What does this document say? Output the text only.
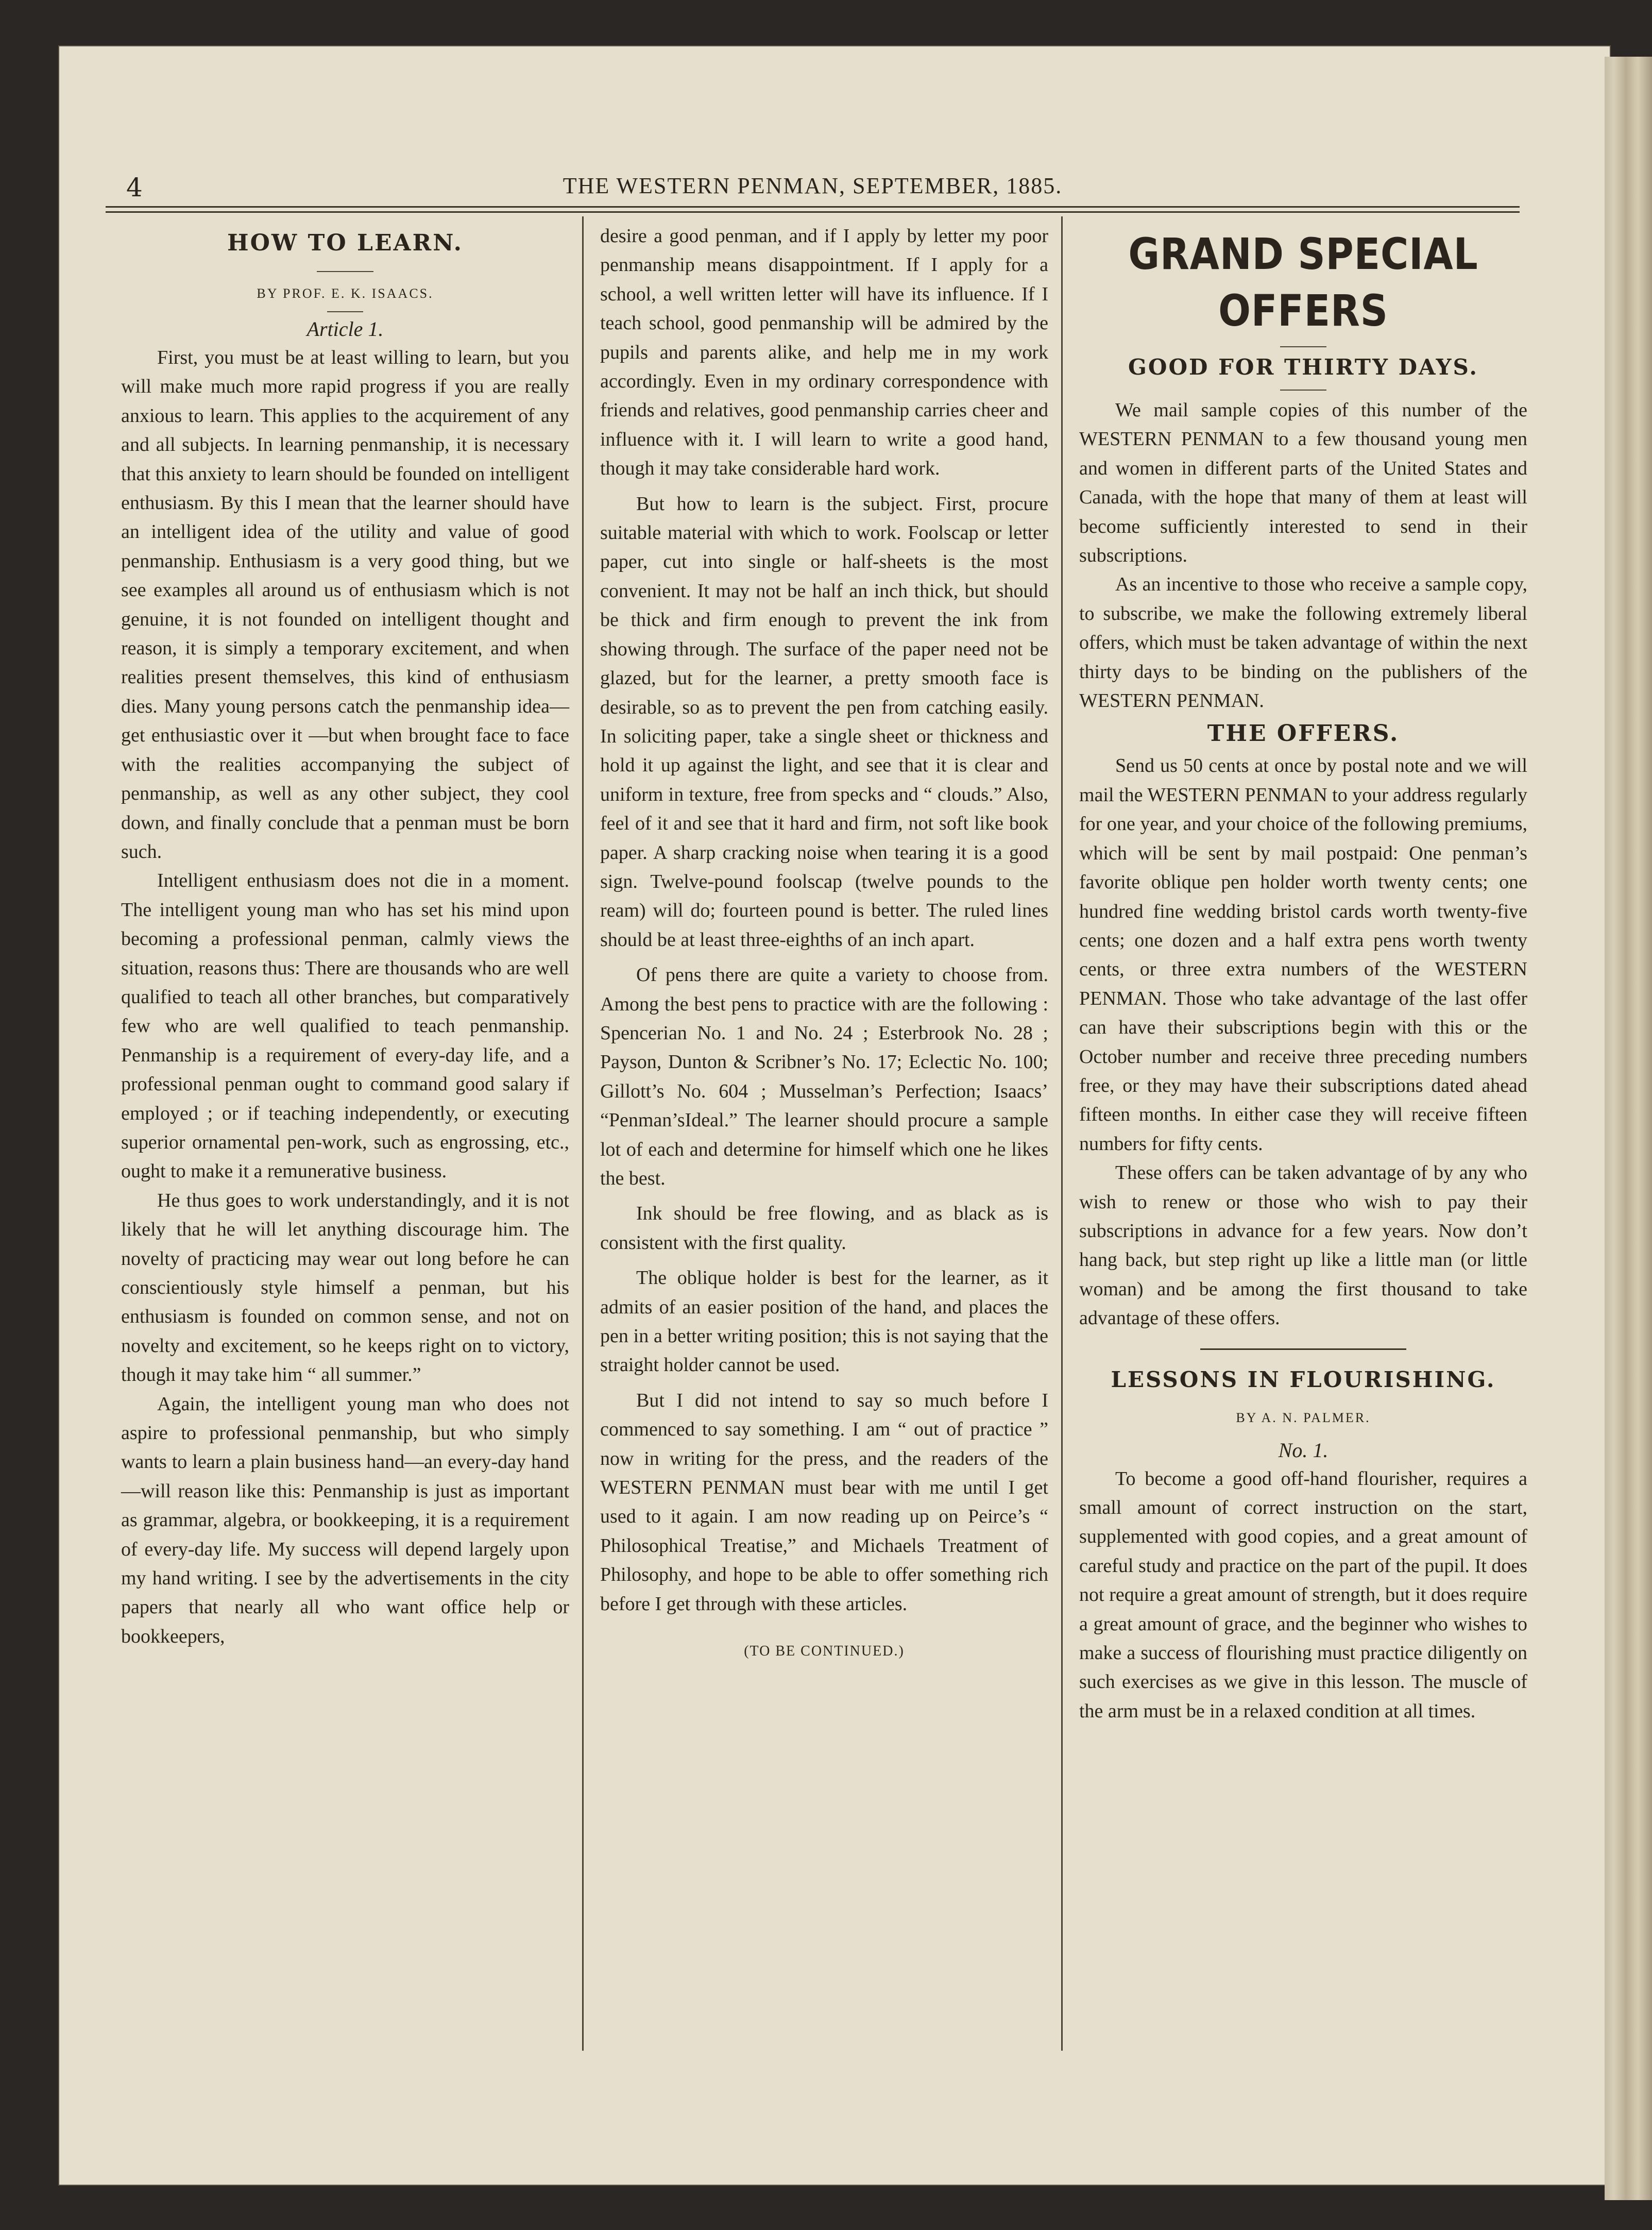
4	THE WESTERN PENMAN, SEPTEMBER, 1885.
HOW TO LEARN.
BY PROF. E. K. ISAACS.
Article 1.

First, you must be at least willing to learn, but you will make much more rapid progress if you are really anxious to learn. This applies to the acquirement of any and all subjects. In learning penmanship, it is necessary that this anxiety to learn should be founded on intelligent enthusiasm. By this I mean that the learner should have an intelligent idea of the utility and value of good penmanship. Enthusiasm is a very good thing, but we see examples all around us of enthusiasm which is not genuine, it is not founded on intelligent thought and reason, it is simply a temporary excitement, and when realities present themselves, this kind of enthusiasm dies. Many young persons catch the penmanship idea—get enthusiastic over it —but when brought face to face with the realities accompanying the subject of penmanship, as well as any other subject, they cool down, and finally conclude that a penman must be born such.

Intelligent enthusiasm does not die in a moment. The intelligent young man who has set his mind upon becoming a professional penman, calmly views the situation, reasons thus: There are thousands who are well qualified to teach all other branches, but comparatively few who are well qualified to teach penmanship. Penmanship is a requirement of every-day life, and a professional penman ought to command good salary if employed ; or if teaching independently, or executing superior ornamental pen-work, such as engrossing, etc., ought to make it a remunerative business.

He thus goes to work understandingly, and it is not likely that he will let anything discourage him. The novelty of practicing may wear out long before he can conscientiously style himself a penman, but his enthusiasm is founded on common sense, and not on novelty and excitement, so he keeps right on to victory, though it may take him “ all summer.”

Again, the intelligent young man who does not aspire to professional penmanship, but who simply wants to learn a plain business hand—an every-day hand—will reason like this: Penmanship is just as important as grammar, algebra, or bookkeeping, it is a requirement of every-day life. My success will depend largely upon my hand writing. I see by the advertisements in the city papers that nearly all who want office help or bookkeepers,

desire a good penman, and if I apply by letter my poor penmanship means disappointment. If I apply for a school, a well written letter will have its influence. If I teach school, good penmanship will be admired by the pupils and parents alike, and help me in my work accordingly. Even in my ordinary correspondence with friends and relatives, good penmanship carries cheer and influence with it. I will learn to write a good hand, though it may take considerable hard work.

But how to learn is the subject. First, procure suitable material with which to work. Foolscap or letter paper, cut into single or half-sheets is the most convenient. It may not be half an inch thick, but should be thick and firm enough to prevent the ink from showing through. The surface of the paper need not be glazed, but for the learner, a pretty smooth face is desirable, so as to prevent the pen from catching easily. In soliciting paper, take a single sheet or thickness and hold it up against the light, and see that it is clear and uniform in texture, free from specks and “ clouds.” Also, feel of it and see that it hard and firm, not soft like book paper. A sharp cracking noise when tearing it is a good sign. Twelve-pound foolscap (twelve pounds to the ream) will do; fourteen pound is better. The ruled lines should be at least three-eighths of an inch apart.

Of pens there are quite a variety to choose from. Among the best pens to practice with are the following : Spencerian No. 1 and No. 24 ; Esterbrook No. 28 ; Payson, Dunton & Scribner’s No. 17; Eclectic No. 100; Gillott’s No. 604 ; Musselman’s Perfection; Isaacs’ “Penman’sIdeal.” The learner should procure a sample lot of each and determine for himself which one he likes the best.

Ink should be free flowing, and as black as is consistent with the first quality.

The oblique holder is best for the learner, as it admits of an easier position of the hand, and places the pen in a better writing position; this is not saying that the straight holder cannot be used.

But I did not intend to say so much before I commenced to say something. I am “ out of practice ” now in writing for the press, and the readers of the WESTERN PENMAN must bear with me until I get used to it again. I am now reading up on Peirce’s “ Philosophical Treatise,” and Michaels Treatment of Philosophy, and hope to be able to offer something rich before I get through with these articles.

(TO BE CONTINUED.)
GRAND SPECIAL OFFERS
GOOD FOR THIRTY DAYS.

We mail sample copies of this number of the WESTERN PENMAN to a few thousand young men and women in different parts of the United States and Canada, with the hope that many of them at least will become sufficiently interested to send in their subscriptions.

As an incentive to those who receive a sample copy, to subscribe, we make the following extremely liberal offers, which must be taken advantage of within the next thirty days to be binding on the publishers of the WESTERN PENMAN.

THE OFFERS.

Send us 50 cents at once by postal note and we will mail the WESTERN PENMAN to your address regularly for one year, and your choice of the following premiums, which will be sent by mail postpaid: One penman’s favorite oblique pen holder worth twenty cents; one hundred fine wedding bristol cards worth twenty-five cents; one dozen and a half extra pens worth twenty cents, or three extra numbers of the WESTERN PENMAN. Those who take advantage of the last offer can have their subscriptions begin with this or the October number and receive three preceding numbers free, or they may have their subscriptions dated ahead fifteen months. In either case they will receive fifteen numbers for fifty cents.

These offers can be taken advantage of by any who wish to renew or those who wish to pay their subscriptions in advance for a few years. Now don’t hang back, but step right up like a little man (or little woman) and be among the first thousand to take advantage of these offers.

LESSONS IN FLOURISHING.
BY A. N. PALMER.
No. 1.

To become a good off-hand flourisher, requires a small amount of correct instruction on the start, supplemented with good copies, and a great amount of careful study and practice on the part of the pupil. It does not require a great amount of strength, but it does require a great amount of grace, and the beginner who wishes to make a success of flourishing must practice diligently on such exercises as we give in this lesson. The muscle of the arm must be in a relaxed condition at all times.
